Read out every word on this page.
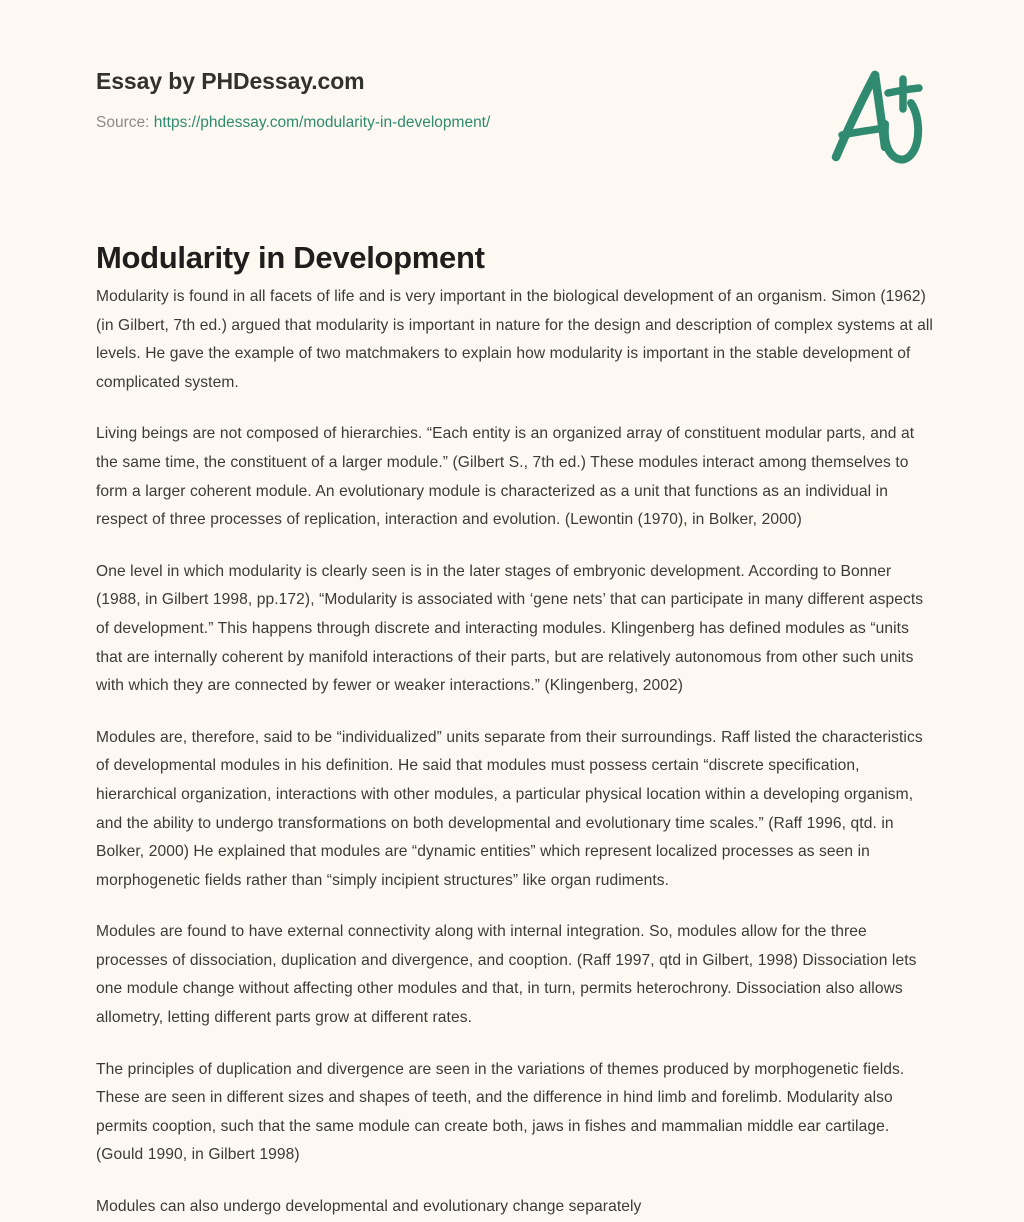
Essay by PHDessay.com
Source: https://phdessay.com/modularity-in-development/
Modularity in Development

Modularity is found in all facets of life and is very important in the biological development of an organism. Simon (1962)(in Gilbert, 7th ed.) argued that modularity is important in nature for the design and description of complex systems at all levels. He gave the example of two matchmakers to explain how modularity is important in the stable development of complicated system.

Living beings are not composed of hierarchies. “Each entity is an organized array of constituent modular parts, and at the same time, the constituent of a larger module.” (Gilbert S., 7th ed.) These modules interact among themselves to form a larger coherent module. An evolutionary module is characterized as a unit that functions as an individual in respect of three processes of replication, interaction and evolution. (Lewontin (1970), in Bolker, 2000)

One level in which modularity is clearly seen is in the later stages of embryonic development. According to Bonner (1988, in Gilbert 1998, pp.172), “Modularity is associated with ‘gene nets’ that can participate in many different aspects of development.” This happens through discrete and interacting modules. Klingenberg has defined modules as “units that are internally coherent by manifold interactions of their parts, but are relatively autonomous from other such units with which they are connected by fewer or weaker interactions.” (Klingenberg, 2002)

Modules are, therefore, said to be “individualized” units separate from their surroundings. Raff listed the characteristics of developmental modules in his definition. He said that modules must possess certain “discrete specification, hierarchical organization, interactions with other modules, a particular physical location within a developing organism, and the ability to undergo transformations on both developmental and evolutionary time scales.” (Raff 1996, qtd. in Bolker, 2000) He explained that modules are “dynamic entities” which represent localized processes as seen in morphogenetic fields rather than “simply incipient structures” like organ rudiments.

Modules are found to have external connectivity along with internal integration. So, modules allow for the three processes of dissociation, duplication and divergence, and cooption. (Raff 1997, qtd in Gilbert, 1998) Dissociation lets one module change without affecting other modules and that, in turn, permits heterochrony. Dissociation also allows allometry, letting different parts grow at different rates.

The principles of duplication and divergence are seen in the variations of themes produced by morphogenetic fields. These are seen in different sizes and shapes of teeth, and the difference in hind limb and forelimb. Modularity also permits cooption, such that the same module can create both, jaws in fishes and mammalian middle ear cartilage. (Gould 1990, in Gilbert 1998)

Modules can also undergo developmental and evolutionary change separately
